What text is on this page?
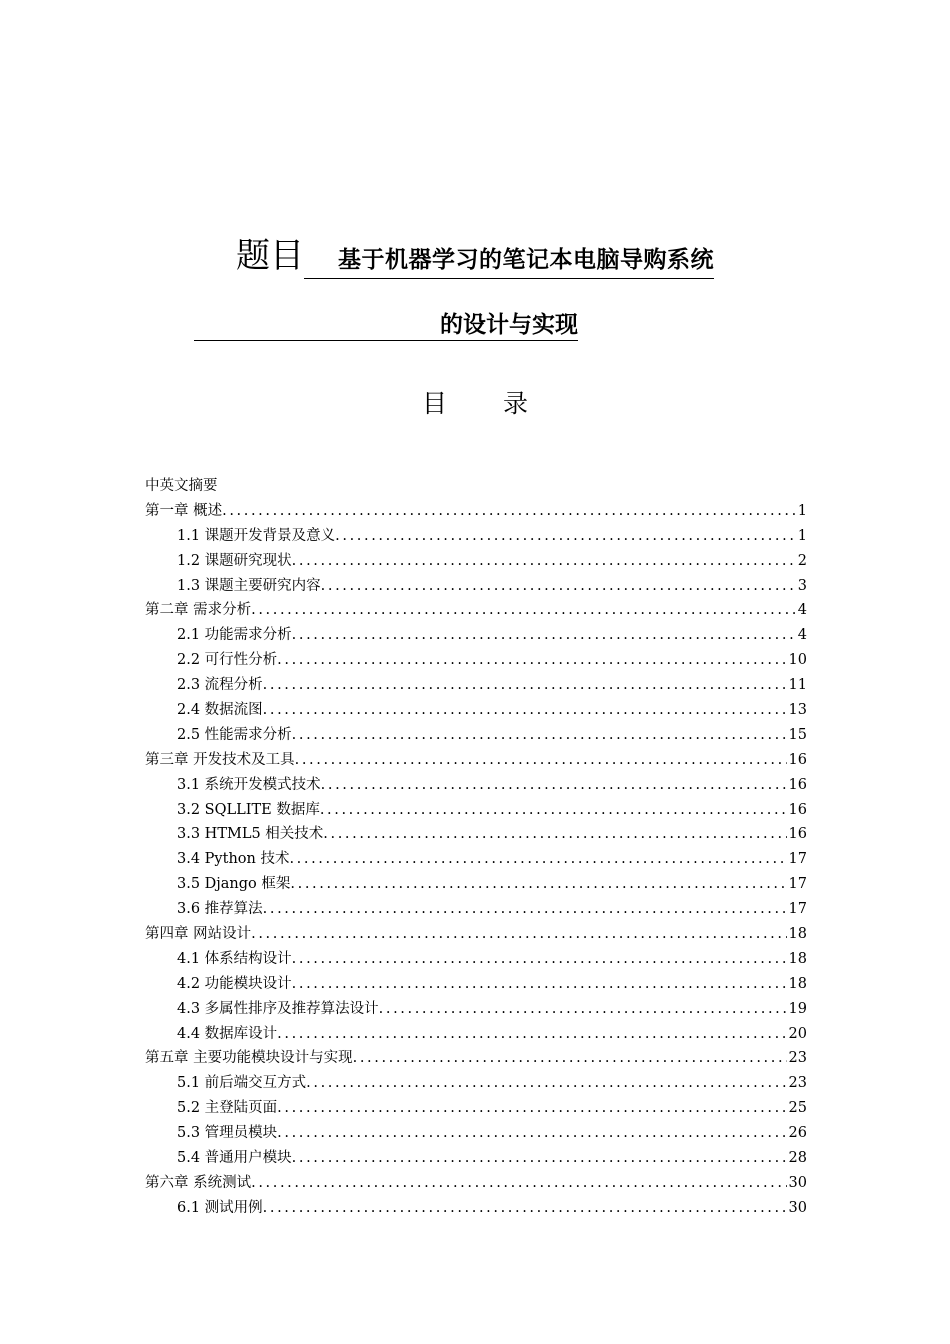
题目 基于机器学习的笔记本电脑导购系统
的设计与实现
目 录
中英文摘要
第一章 概述 .....	1
1.1 课题开发背景及意义 .....	1
1.2 课题研究现状 .....	2
1.3 课题主要研究内容 .....	3
第二章 需求分析 .....	4
2.1 功能需求分析 .....	4
2.2 可行性分析 .....	10
2.3 流程分析 .....	11
2.4 数据流图 .....	13
2.5 性能需求分析 .....	15
第三章 开发技术及工具 .....	16
3.1 系统开发模式技术 .....	16
3.2 SQLLITE 数据库 .....	16
3.3 HTML5 相关技术 .....	16
3.4 Python 技术 .....	17
3.5 Django 框架 .....	17
3.6 推荐算法 .....	17
第四章 网站设计 .....	18
4.1 体系结构设计 .....	18
4.2 功能模块设计 .....	18
4.3 多属性排序及推荐算法设计 .....	19
4.4 数据库设计 .....	20
第五章 主要功能模块设计与实现 .....	23
5.1 前后端交互方式 .....	23
5.2 主登陆页面 .....	25
5.3 管理员模块 .....	26
5.4 普通用户模块 .....	28
第六章 系统测试 .....	30
6.1 测试用例 .....	30
